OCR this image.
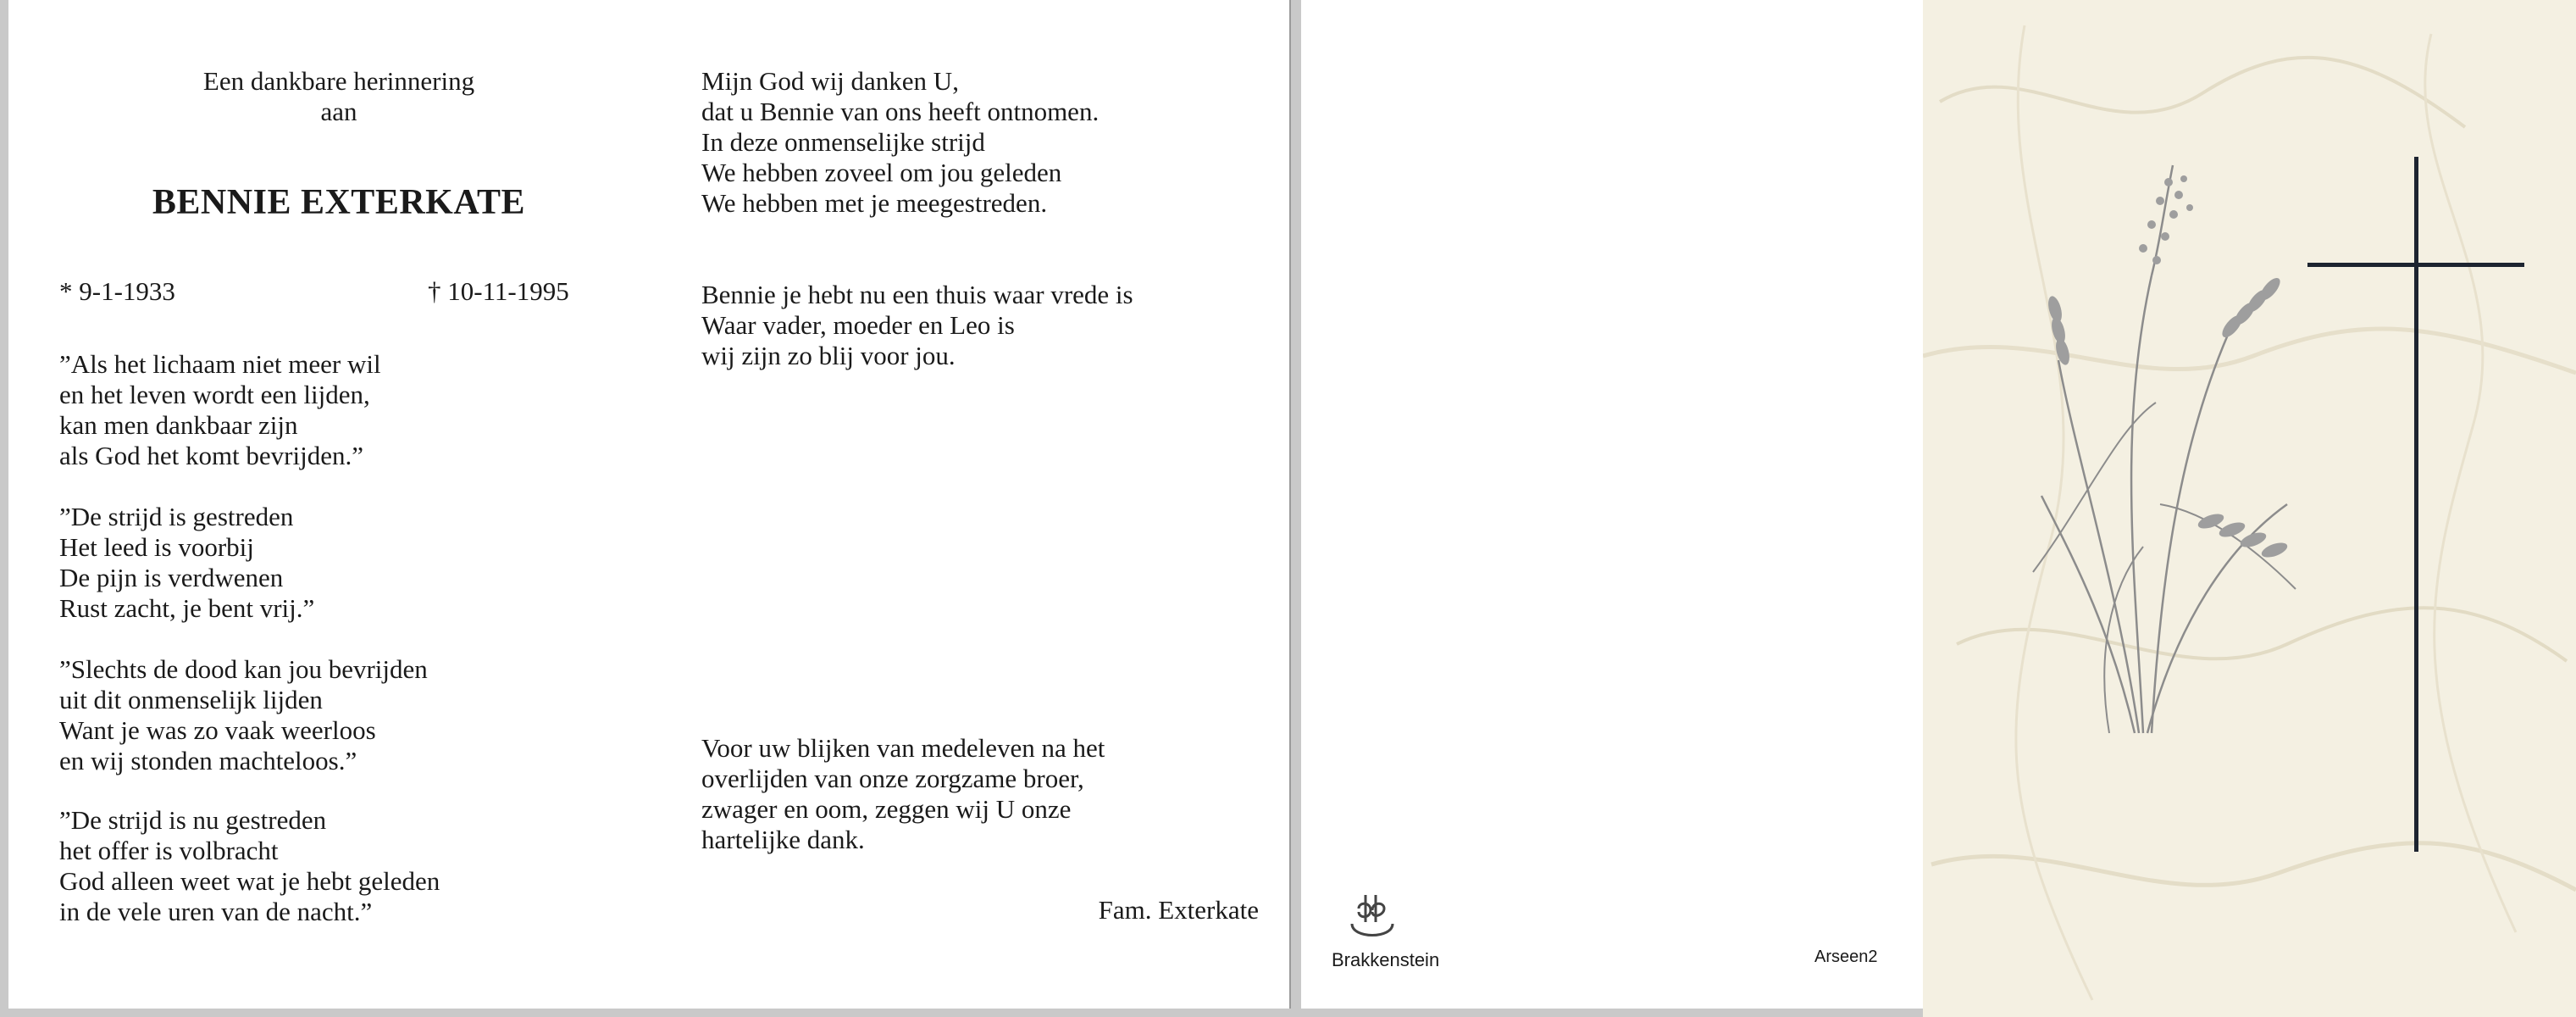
Een dankbare herinnering
aan
BENNIE EXTERKATE
* 9-1-1933	† 10-11-1995
”Als het lichaam niet meer wil
en het leven wordt een lijden,
kan men dankbaar zijn
als God het komt bevrijden.”
”De strijd is gestreden
Het leed is voorbij
De pijn is verdwenen
Rust zacht, je bent vrij.”
”Slechts de dood kan jou bevrijden
uit dit onmenselijk lijden
Want je was zo vaak weerloos
en wij stonden machteloos.”
”De strijd is nu gestreden
het offer is volbracht
God alleen weet wat je hebt geleden
in de vele uren van de nacht.”
Mijn God wij danken U,
dat u Bennie van ons heeft ontnomen.
In deze onmenselijke strijd
We hebben zoveel om jou geleden
We hebben met je meegestreden.
Bennie je hebt nu een thuis waar vrede is
Waar vader, moeder en Leo is
wij zijn zo blij voor jou.
Voor uw blijken van medeleven na het
overlijden van onze zorgzame broer,
zwager en oom, zeggen wij U onze
hartelijke dank.
Fam. Exterkate
Brakkenstein	Arseen2
